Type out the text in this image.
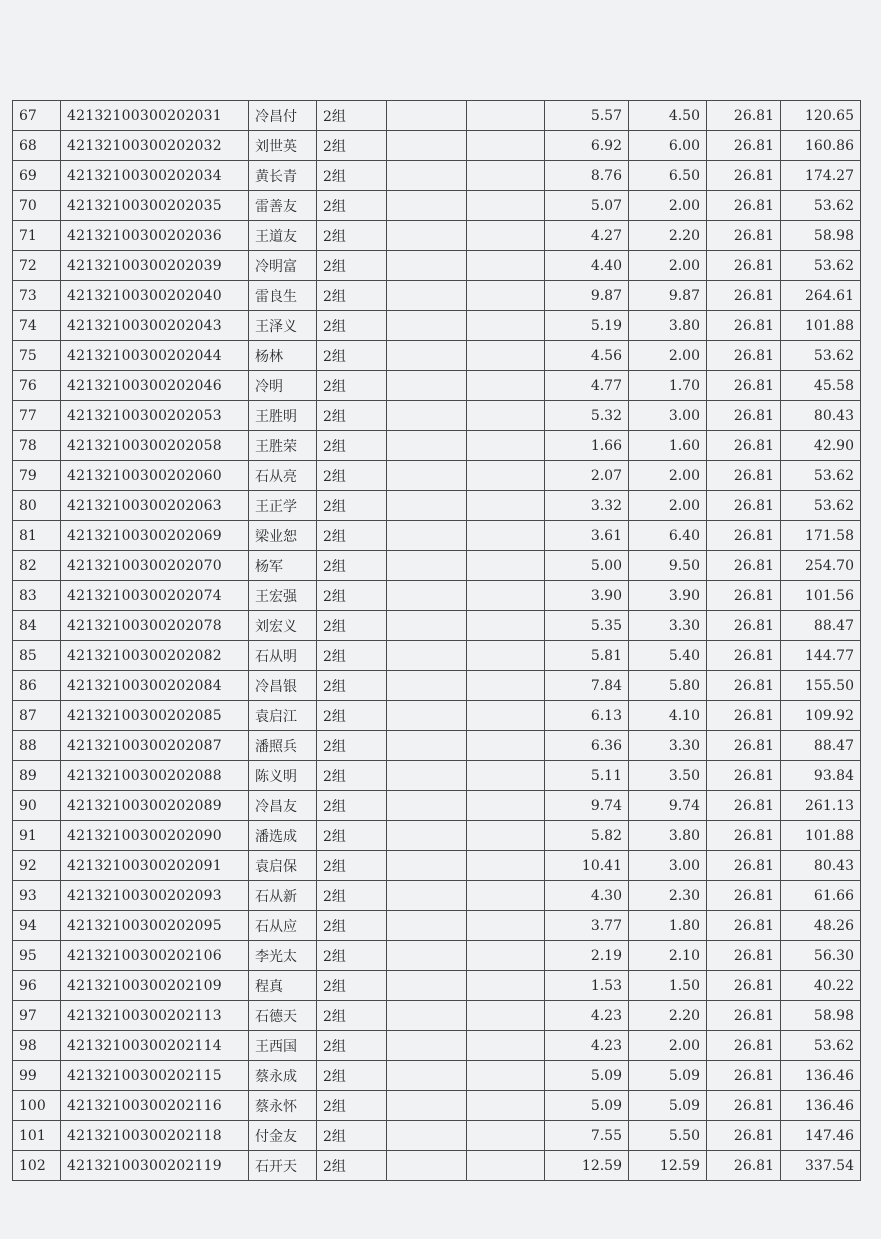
67	42132100300202031	冷昌付	2组			5.57	4.50	26.81	120.65
68	42132100300202032	刘世英	2组			6.92	6.00	26.81	160.86
69	42132100300202034	黄长青	2组			8.76	6.50	26.81	174.27
70	42132100300202035	雷善友	2组			5.07	2.00	26.81	53.62
71	42132100300202036	王道友	2组			4.27	2.20	26.81	58.98
72	42132100300202039	冷明富	2组			4.40	2.00	26.81	53.62
73	42132100300202040	雷良生	2组			9.87	9.87	26.81	264.61
74	42132100300202043	王泽义	2组			5.19	3.80	26.81	101.88
75	42132100300202044	杨林	2组			4.56	2.00	26.81	53.62
76	42132100300202046	冷明	2组			4.77	1.70	26.81	45.58
77	42132100300202053	王胜明	2组			5.32	3.00	26.81	80.43
78	42132100300202058	王胜荣	2组			1.66	1.60	26.81	42.90
79	42132100300202060	石从亮	2组			2.07	2.00	26.81	53.62
80	42132100300202063	王正学	2组			3.32	2.00	26.81	53.62
81	42132100300202069	梁业恕	2组			3.61	6.40	26.81	171.58
82	42132100300202070	杨军	2组			5.00	9.50	26.81	254.70
83	42132100300202074	王宏强	2组			3.90	3.90	26.81	101.56
84	42132100300202078	刘宏义	2组			5.35	3.30	26.81	88.47
85	42132100300202082	石从明	2组			5.81	5.40	26.81	144.77
86	42132100300202084	冷昌银	2组			7.84	5.80	26.81	155.50
87	42132100300202085	袁启江	2组			6.13	4.10	26.81	109.92
88	42132100300202087	潘照兵	2组			6.36	3.30	26.81	88.47
89	42132100300202088	陈义明	2组			5.11	3.50	26.81	93.84
90	42132100300202089	冷昌友	2组			9.74	9.74	26.81	261.13
91	42132100300202090	潘选成	2组			5.82	3.80	26.81	101.88
92	42132100300202091	袁启保	2组			10.41	3.00	26.81	80.43
93	42132100300202093	石从新	2组			4.30	2.30	26.81	61.66
94	42132100300202095	石从应	2组			3.77	1.80	26.81	48.26
95	42132100300202106	李光太	2组			2.19	2.10	26.81	56.30
96	42132100300202109	程真	2组			1.53	1.50	26.81	40.22
97	42132100300202113	石德天	2组			4.23	2.20	26.81	58.98
98	42132100300202114	王西国	2组			4.23	2.00	26.81	53.62
99	42132100300202115	蔡永成	2组			5.09	5.09	26.81	136.46
100	42132100300202116	蔡永怀	2组			5.09	5.09	26.81	136.46
101	42132100300202118	付金友	2组			7.55	5.50	26.81	147.46
102	42132100300202119	石开天	2组			12.59	12.59	26.81	337.54
